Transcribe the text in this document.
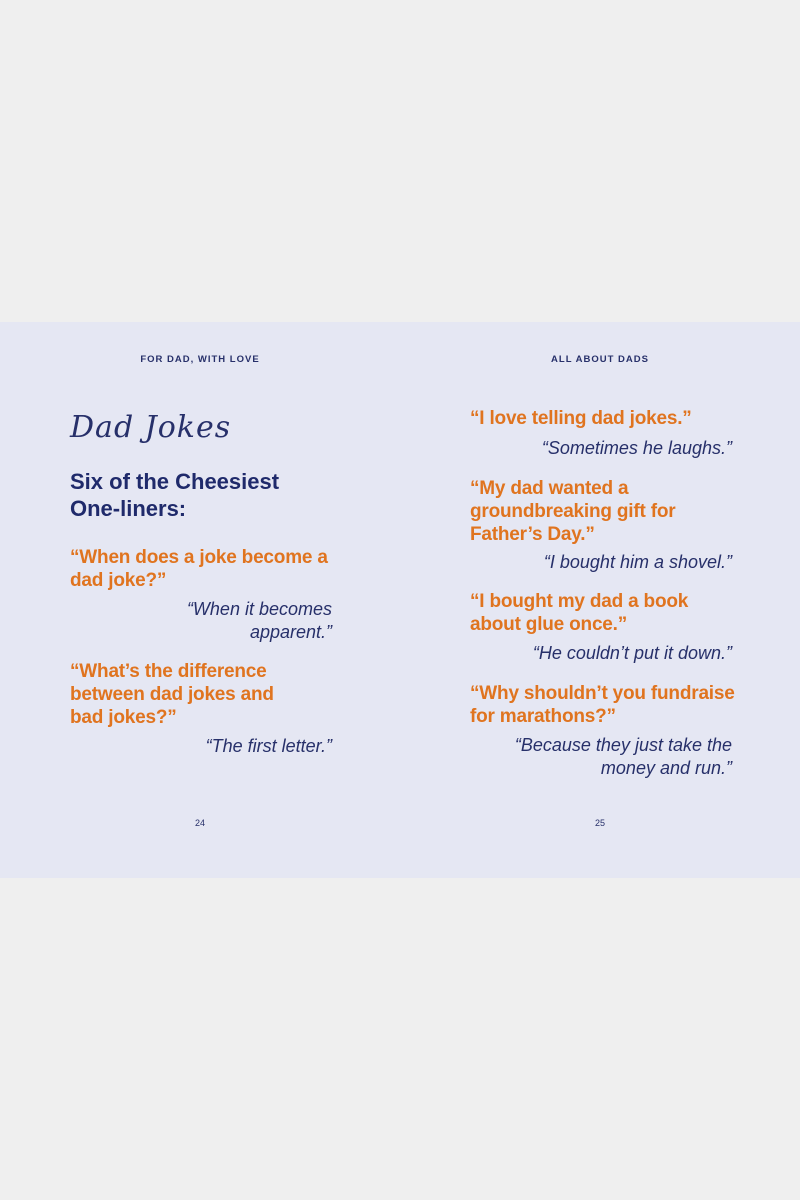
FOR DAD, WITH LOVE
Dad Jokes
Six of the Cheesiest One-liners:
“When does a joke become a dad joke?”
“When it becomes apparent.”
“What’s the difference between dad jokes and bad jokes?”
“The first letter.”
24
ALL ABOUT DADS
“I love telling dad jokes.”
“Sometimes he laughs.”
“My dad wanted a groundbreaking gift for Father’s Day.”
“I bought him a shovel.”
“I bought my dad a book about glue once.”
“He couldn’t put it down.”
“Why shouldn’t you fundraise for marathons?”
“Because they just take the money and run.”
25
